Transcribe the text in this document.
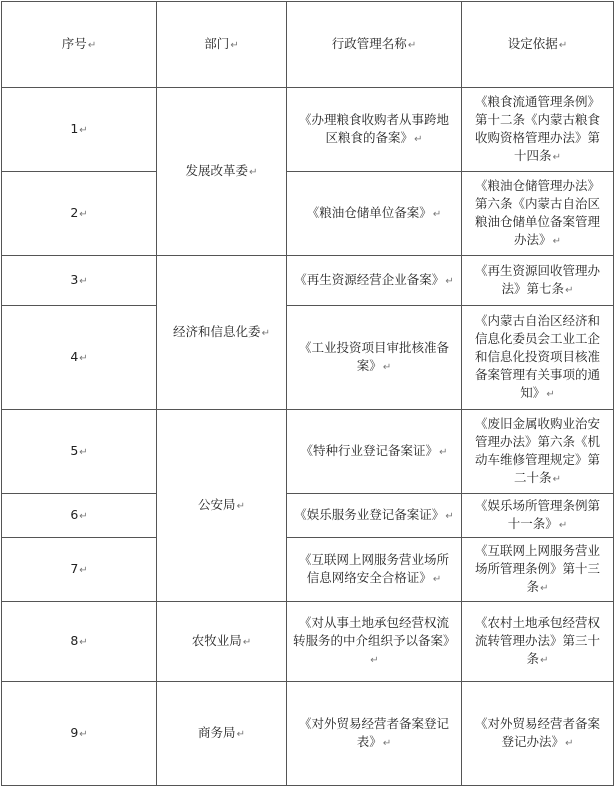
序号↵	部门↵	行政管理名称↵	设定依据↵
1↵	发展改革委↵	《办理粮食收购者从事跨地区粮食的备案》↵	《粮食流通管理条例》第十二条《内蒙古粮食收购资格管理办法》第十四条↵
2↵		《粮油仓储单位备案》↵	《粮油仓储管理办法》第六条《内蒙古自治区粮油仓储单位备案管理办法》↵
3↵	经济和信息化委↵	《再生资源经营企业备案》↵	《再生资源回收管理办法》第七条↵
4↵		《工业投资项目审批核准备案》↵	《内蒙古自治区经济和信息化委员会工业工企和信息化投资项目核准备案管理有关事项的通知》↵
5↵	公安局↵	《特种行业登记备案证》↵	《废旧金属收购业治安管理办法》第六条《机动车维修管理规定》第二十条↵
6↵		《娱乐服务业登记备案证》↵	《娱乐场所管理条例第十一条》↵
7↵		《互联网上网服务营业场所信息网络安全合格证》↵	《互联网上网服务营业场所管理条例》第十三条↵
8↵	农牧业局↵	《对从事土地承包经营权流转服务的中介组织予以备案》↵	《农村土地承包经营权流转管理办法》第三十条↵
9↵	商务局↵	《对外贸易经营者备案登记表》↵	《对外贸易经营者备案登记办法》↵
